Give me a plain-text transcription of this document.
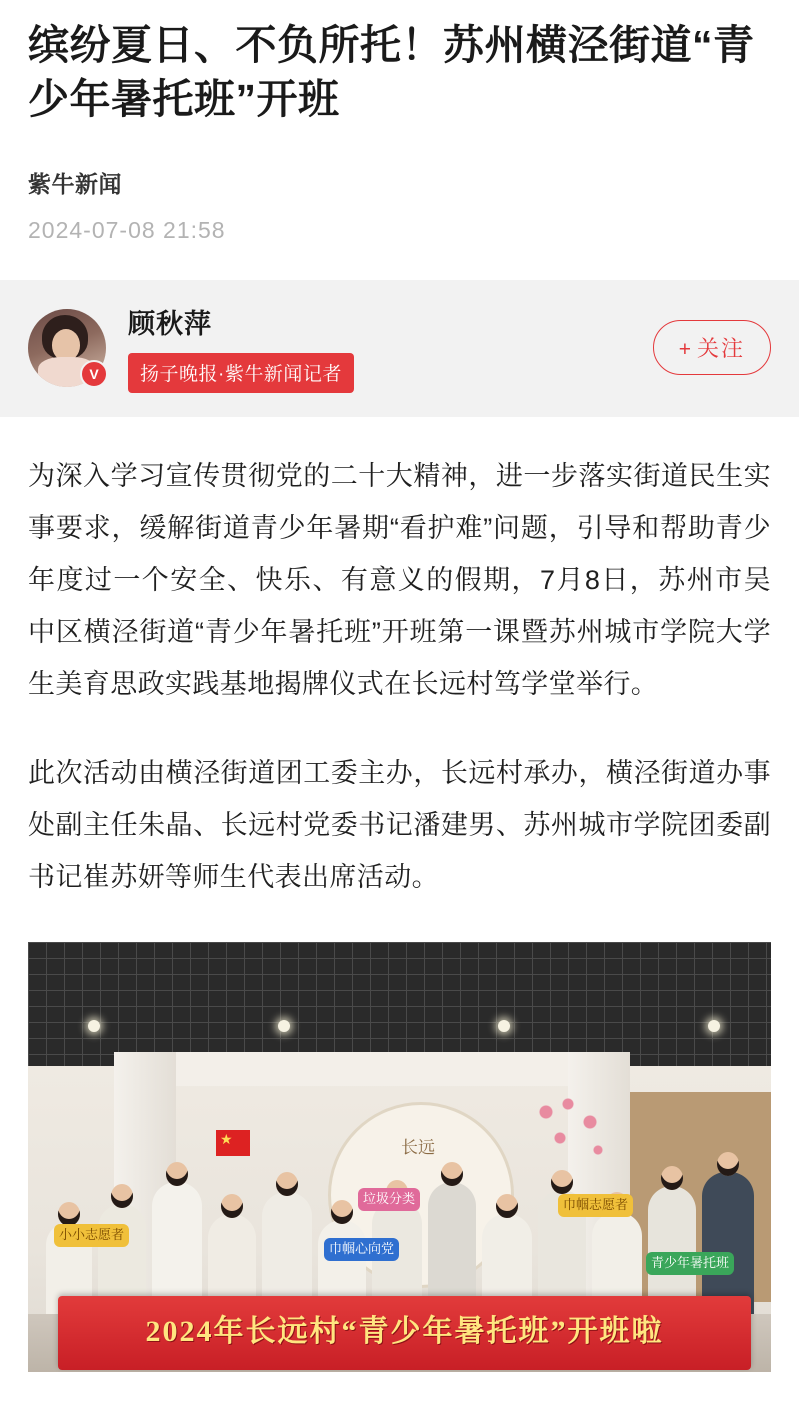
缤纷夏日、不负所托！苏州横泾街道“青少年暑托班”开班
紫牛新闻
2024-07-08 21:58
V
顾秋萍
扬子晚报·紫牛新闻记者
+ 关注

为深入学习宣传贯彻党的二十大精神，进一步落实街道民生实事要求，缓解街道青少年暑期“看护难”问题，引导和帮助青少年度过一个安全、快乐、有意义的假期，7月8日，苏州市吴中区横泾街道“青少年暑托班”开班第一课暨苏州城市学院大学生美育思政实践基地揭牌仪式在长远村笃学堂举行。

此次活动由横泾街道团工委主办，长远村承办，横泾街道办事处副主任朱晶、长远村党委书记潘建男、苏州城市学院团委副书记崔苏妍等师生代表出席活动。

长远
★
巾帼心向党
垃圾分类	巾帼志愿者
青少年暑托班
小小志愿者
2024年长远村“青少年暑托班”开班啦
